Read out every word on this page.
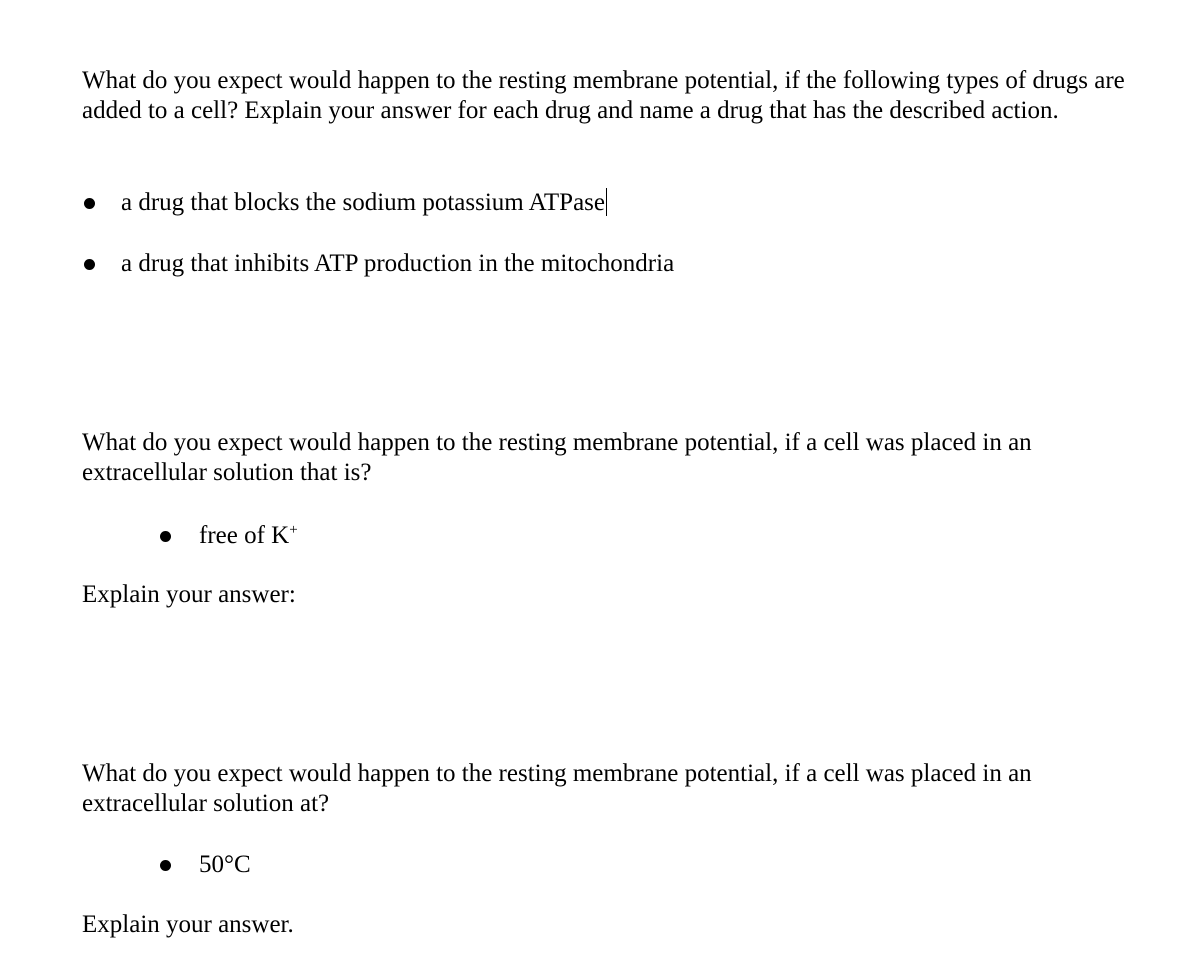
What do you expect would happen to the resting membrane potential, if the following types of drugs are added to a cell? Explain your answer for each drug and name a drug that has the described action.

a drug that blocks the sodium potassium ATPase
a drug that inhibits ATP production in the mitochondria

What do you expect would happen to the resting membrane potential, if a cell was placed in an extracellular solution that is?

free of K+

Explain your answer:

What do you expect would happen to the resting membrane potential, if a cell was placed in an extracellular solution at?

50°C

Explain your answer.
